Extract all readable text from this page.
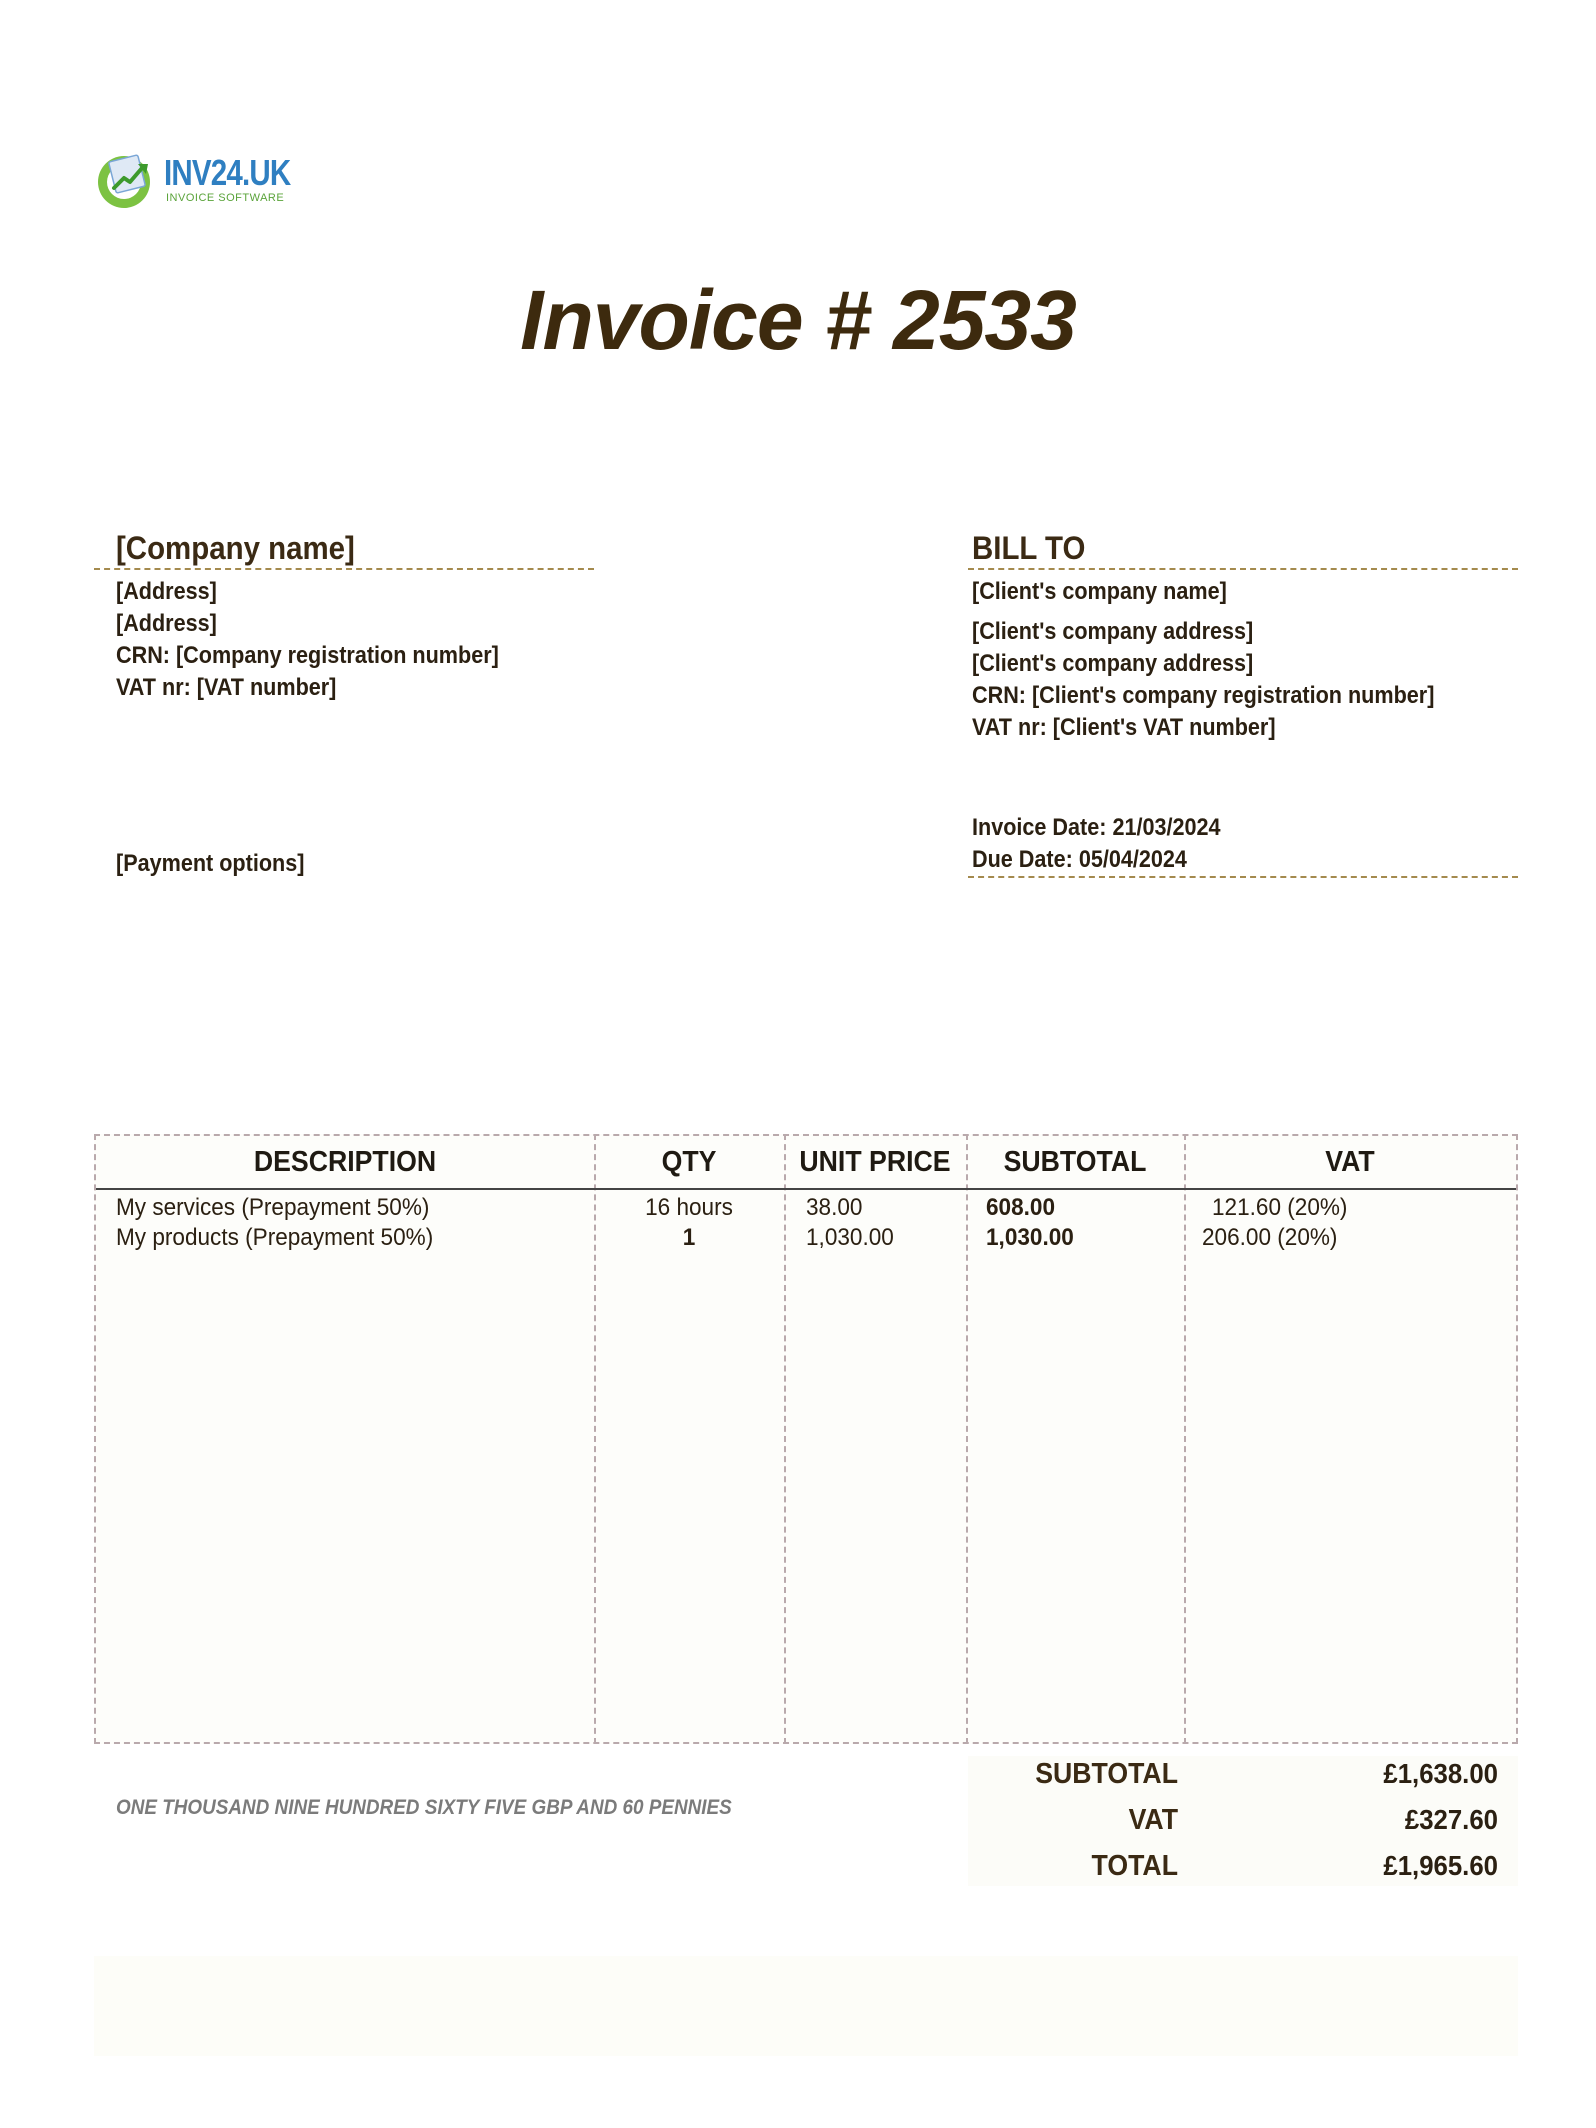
INV24.UK
INVOICE SOFTWARE
Invoice # 2533
[Company name]
[Address]
[Address]
CRN: [Company registration number]
VAT nr: [VAT number]
[Payment options]
BILL TO
[Client's company name]
[Client's company address]
[Client's company address]
CRN: [Client's company registration number]
VAT nr: [Client's VAT number]
Invoice Date: 21/03/2024
Due Date: 05/04/2024
DESCRIPTION	QTY	UNIT PRICE	SUBTOTAL	VAT
My services (Prepayment 50%)	16 hours	38.00	608.00	121.60 (20%)
My products (Prepayment 50%)	1	1,030.00	1,030.00	206.00 (20%)
ONE THOUSAND NINE HUNDRED SIXTY FIVE GBP AND 60 PENNIES
SUBTOTAL	£1,638.00
VAT	£327.60
TOTAL	£1,965.60
